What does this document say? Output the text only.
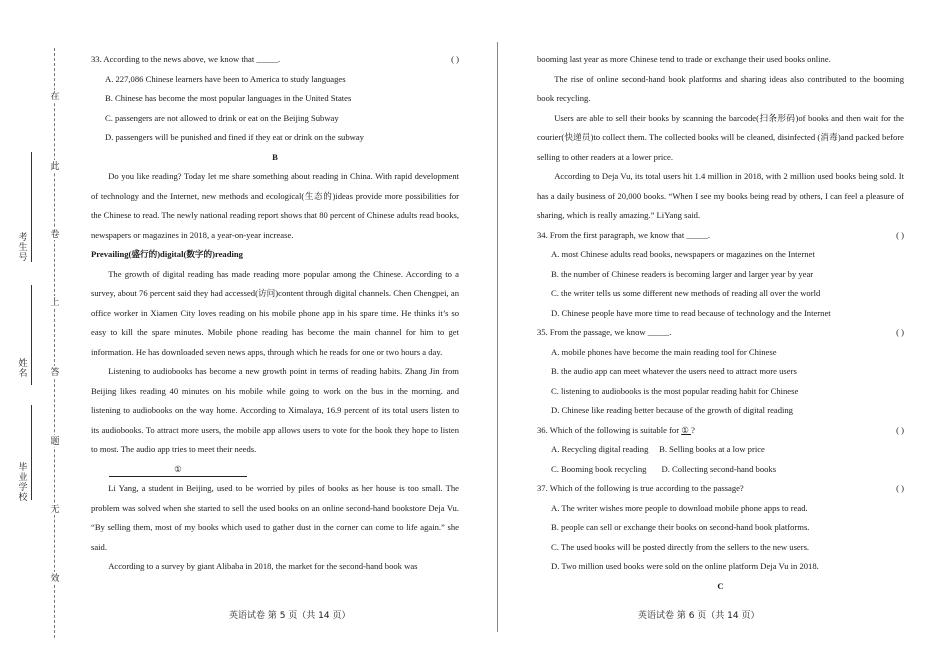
在
此
卷
上
答
题
无
效
考生号
姓名
毕业学校

33. According to the news above, we know that _____.	( )

A. 227,086 Chinese learners have been to America to study languages

B. Chinese has become the most popular languages in the United States

C. passengers are not allowed to drink or eat on the Beijing Subway

D. passengers will be punished and fined if they eat or drink on the subway

B

Do you like reading? Today let me share something about reading in China. With rapid development of technology and the Internet, new methods and ecological(生态的)ideas provide more possibilities for the Chinese to read. The newly national reading report shows that 80 percent of Chinese adults read books, newspapers or magazines in 2018, a year-on-year increase.

Prevailing(盛行的)digital(数字的)reading

The growth of digital reading has made reading more popular among the Chinese. According to a survey, about 76 percent said they had accessed(访问)content through digital channels. Chen Chengpei, an office worker in Xiamen City loves reading on his mobile phone app in his spare time. He thinks it’s so easy to kill the spare minutes. Mobile phone reading has become the main channel for him to get information. He has downloaded seven news apps, through which he reads for one or two hours a day.

Listening to audiobooks has become a new growth point in terms of reading habits. Zhang Jin from Beijing likes reading 40 minutes on his mobile while going to work on the bus in the morning. and listening to audiobooks on the way home. According to Ximalaya, 16.9 percent of its total users listen to its audiobooks. To attract more users, the mobile app allows users to vote for the book they hope to listen to most. The audio app tries to meet their needs.

①

Li Yang, a student in Beijing, used to be worried by piles of books as her house is too small. The problem was solved when she started to sell the used books on an online second-hand bookstore Deja Vu. “By selling them, most of my books which used to gather dust in the corner can come to life again.” she said.

According to a survey by giant Alibaba in 2018, the market for the second-hand book was

英语试卷 第 5 页（共 14 页）

booming last year as more Chinese tend to trade or exchange their used books online.

The rise of online second-hand book platforms and sharing ideas also contributed to the booming book recycling.

Users are able to sell their books by scanning the barcode(扫条形码)of books and then wait for the courier(快递员)to collect them. The collected books will be cleaned, disinfected (消毒)and packed before selling to other readers at a lower price.

According to Deja Vu, its total users hit 1.4 million in 2018, with 2 million used books being sold. It has a daily business of 20,000 books. “When I see my books being read by others, I can feel a pleasure of sharing, which is really amazing.” LiYang said.

34. From the first paragraph, we know that _____.	( )

A. most Chinese adults read books, newspapers or magazines on the Internet

B. the number of Chinese readers is becoming larger and larger year by year

C. the writer tells us some different new methods of reading all over the world

D. Chinese people have more time to read because of technology and the Internet

35. From the passage, we know _____.	( )

A. mobile phones have become the main reading tool for Chinese

B. the audio app can meet whatever the users need to attract more users

C. listening to audiobooks is the most popular reading habit for Chinese

D. Chinese like reading better because of the growth of digital reading

36. Which of the following is suitable for ① ?	( )

A. Recycling digital reading     B. Selling books at a low price

C. Booming book recycling       D. Collecting second-hand books

37. Which of the following is true according to the passage?	( )

A. The writer wishes more people to download mobile phone apps to read.

B. people can sell or exchange their books on second-hand book platforms.

C. The used books will be posted directly from the sellers to the new users.

D. Two million used books were sold on the online platform Deja Vu in 2018.

C

英语试卷 第 6 页（共 14 页）
